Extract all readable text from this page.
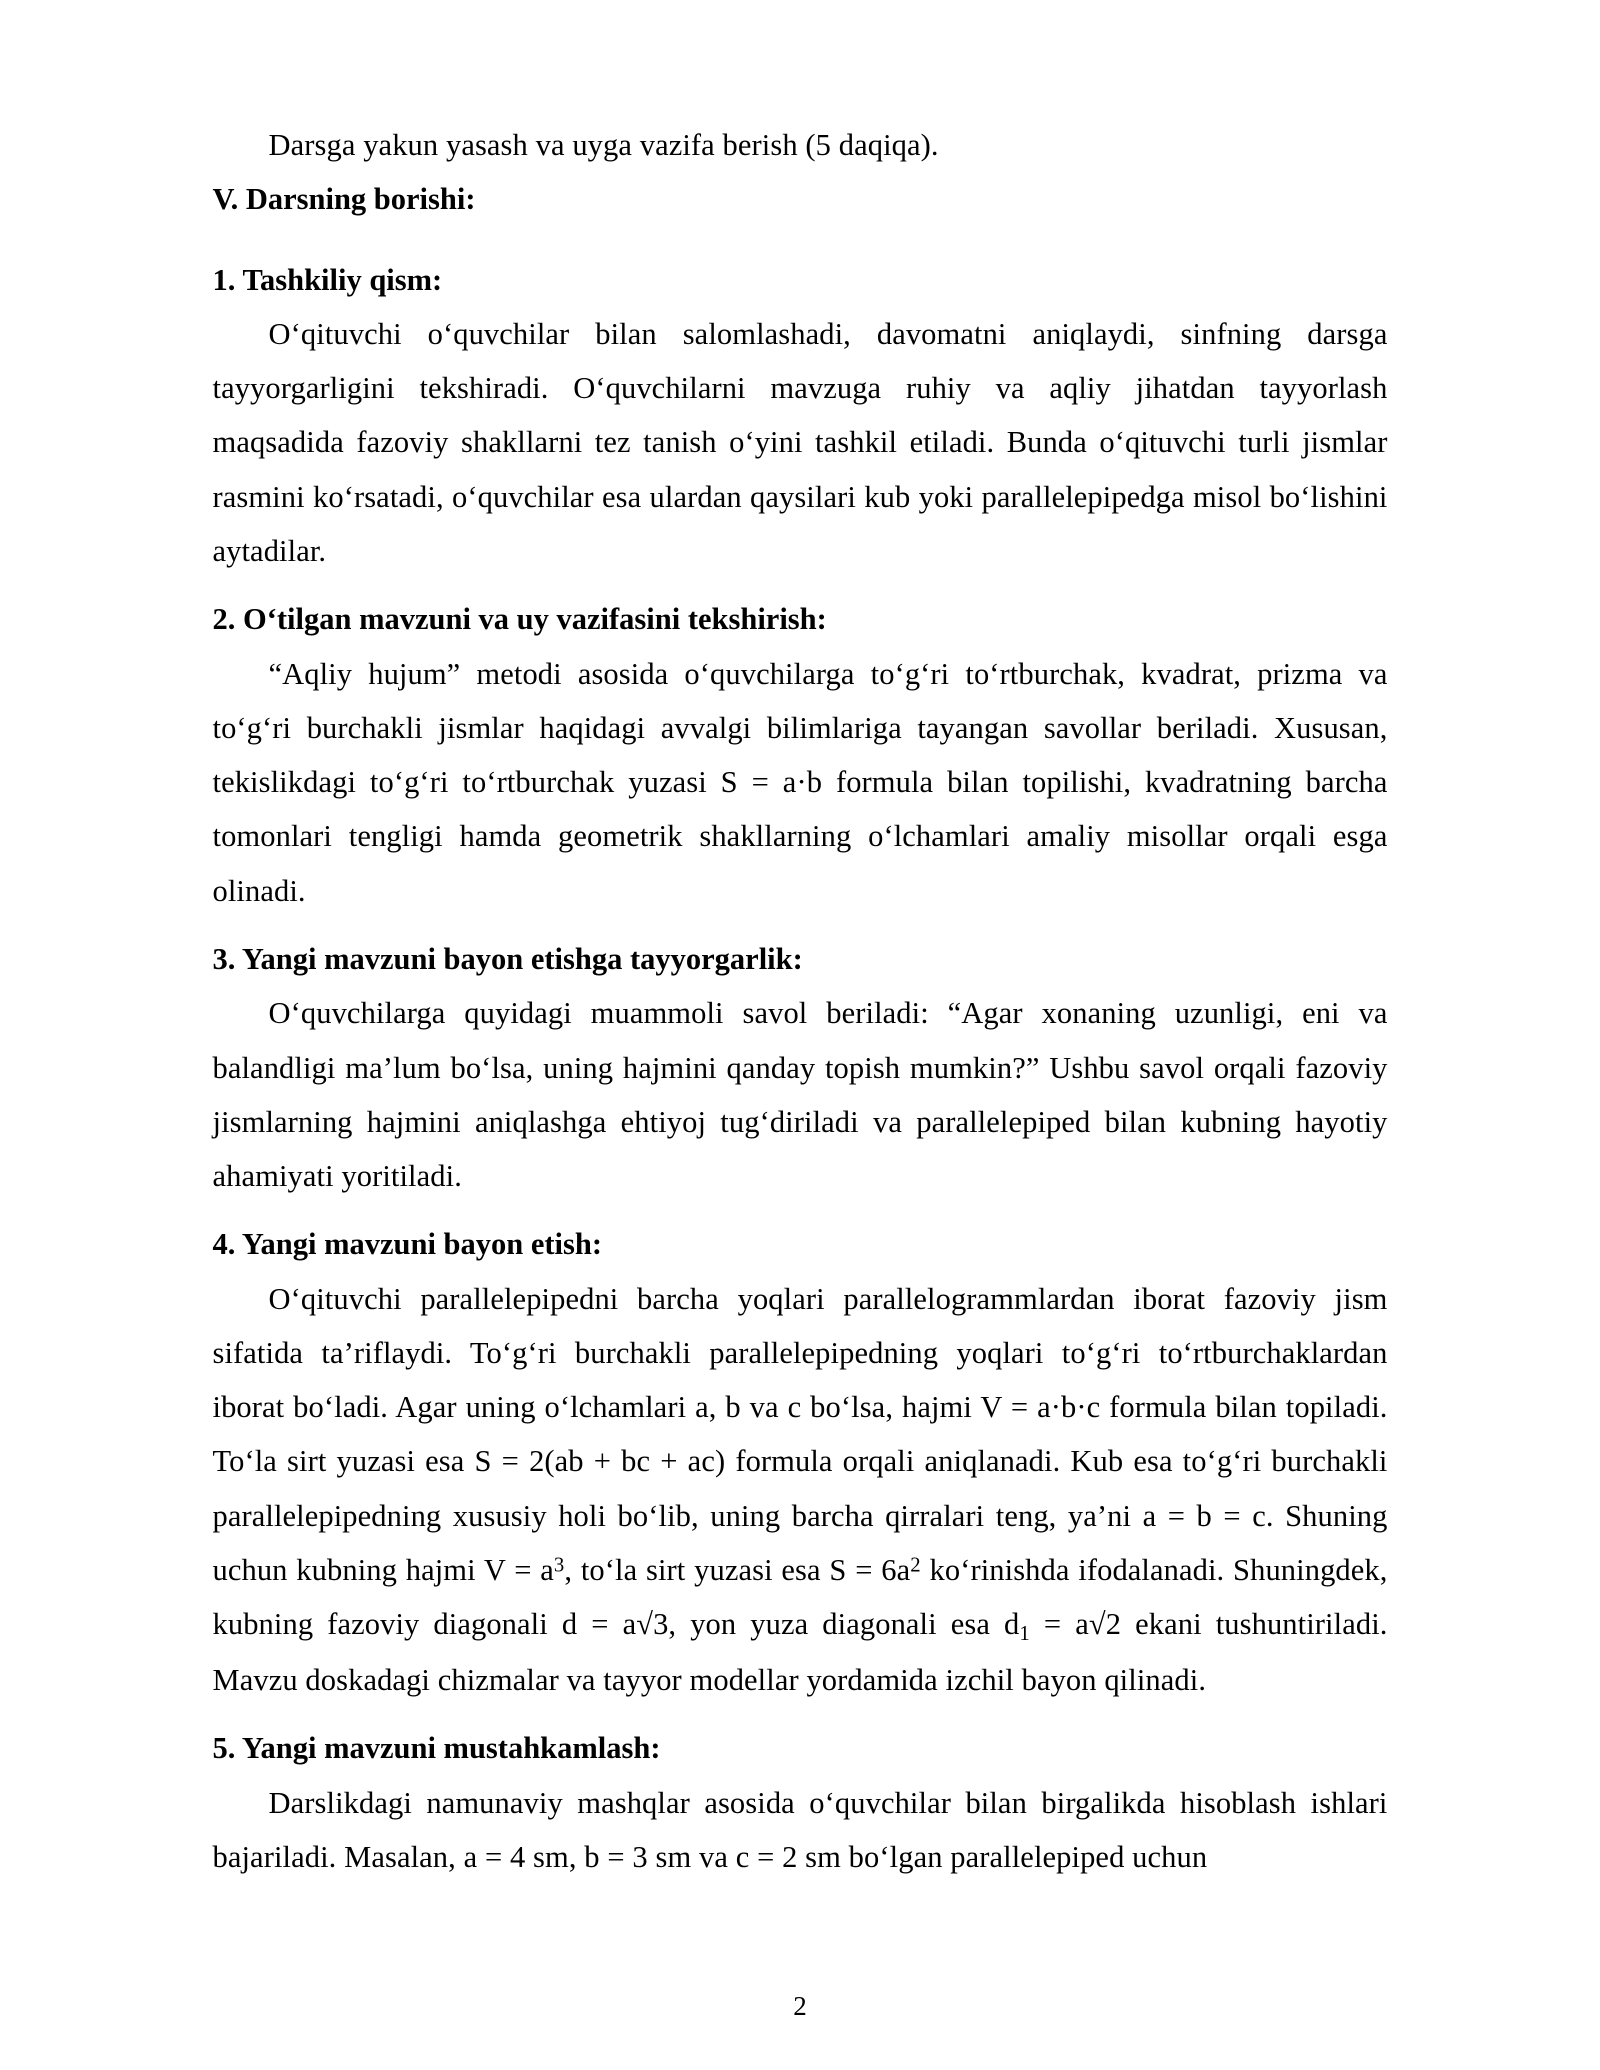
Darsga yakun yasash va uyga vazifa berish (5 daqiqa).

V. Darsning borishi:
1. Tashkiliy qism:

O‘qituvchi o‘quvchilar bilan salomlashadi, davomatni aniqlaydi, sinfning darsga tayyorgarligini tekshiradi. O‘quvchilarni mavzuga ruhiy va aqliy jihatdan tayyorlash maqsadida fazoviy shakllarni tez tanish o‘yini tashkil etiladi. Bunda o‘qituvchi turli jismlar rasmini ko‘rsatadi, o‘quvchilar esa ulardan qaysilari kub yoki parallelepipedga misol bo‘lishini aytadilar.

2. O‘tilgan mavzuni va uy vazifasini tekshirish:

“Aqliy hujum” metodi asosida o‘quvchilarga to‘g‘ri to‘rtburchak, kvadrat, prizma va to‘g‘ri burchakli jismlar haqidagi avvalgi bilimlariga tayangan savollar beriladi. Xususan, tekislikdagi to‘g‘ri to‘rtburchak yuzasi S = a·b formula bilan topilishi, kvadratning barcha tomonlari tengligi hamda geometrik shakllarning o‘lchamlari amaliy misollar orqali esga olinadi.

3. Yangi mavzuni bayon etishga tayyorgarlik:

O‘quvchilarga quyidagi muammoli savol beriladi: “Agar xonaning uzunligi, eni va balandligi ma’lum bo‘lsa, uning hajmini qanday topish mumkin?” Ushbu savol orqali fazoviy jismlarning hajmini aniqlashga ehtiyoj tug‘diriladi va parallelepiped bilan kubning hayotiy ahamiyati yoritiladi.

4. Yangi mavzuni bayon etish:

O‘qituvchi parallelepipedni barcha yoqlari parallelogrammlardan iborat fazoviy jism sifatida ta’riflaydi. To‘g‘ri burchakli parallelepipedning yoqlari to‘g‘ri to‘rtburchaklardan iborat bo‘ladi. Agar uning o‘lchamlari a, b va c bo‘lsa, hajmi V = a·b·c formula bilan topiladi. To‘la sirt yuzasi esa S = 2(ab + bc + ac) formula orqali aniqlanadi. Kub esa to‘g‘ri burchakli parallelepipedning xususiy holi bo‘lib, uning barcha qirralari teng, ya’ni a = b = c. Shuning uchun kubning hajmi $V = a^3$, to‘la sirt yuzasi esa $S = 6a^2$ ko‘rinishda ifodalanadi. Shuningdek, kubning fazoviy diagonali d = a√3, yon yuza diagonali esa $d_1 = a√2$ ekani tushuntiriladi. Mavzu doskadagi chizmalar va tayyor modellar yordamida izchil bayon qilinadi.

5. Yangi mavzuni mustahkamlash:

Darslikdagi namunaviy mashqlar asosida o‘quvchilar bilan birgalikda hisoblash ishlari bajariladi. Masalan, a = 4 sm, b = 3 sm va c = 2 sm bo‘lgan parallelepiped uchun

2
